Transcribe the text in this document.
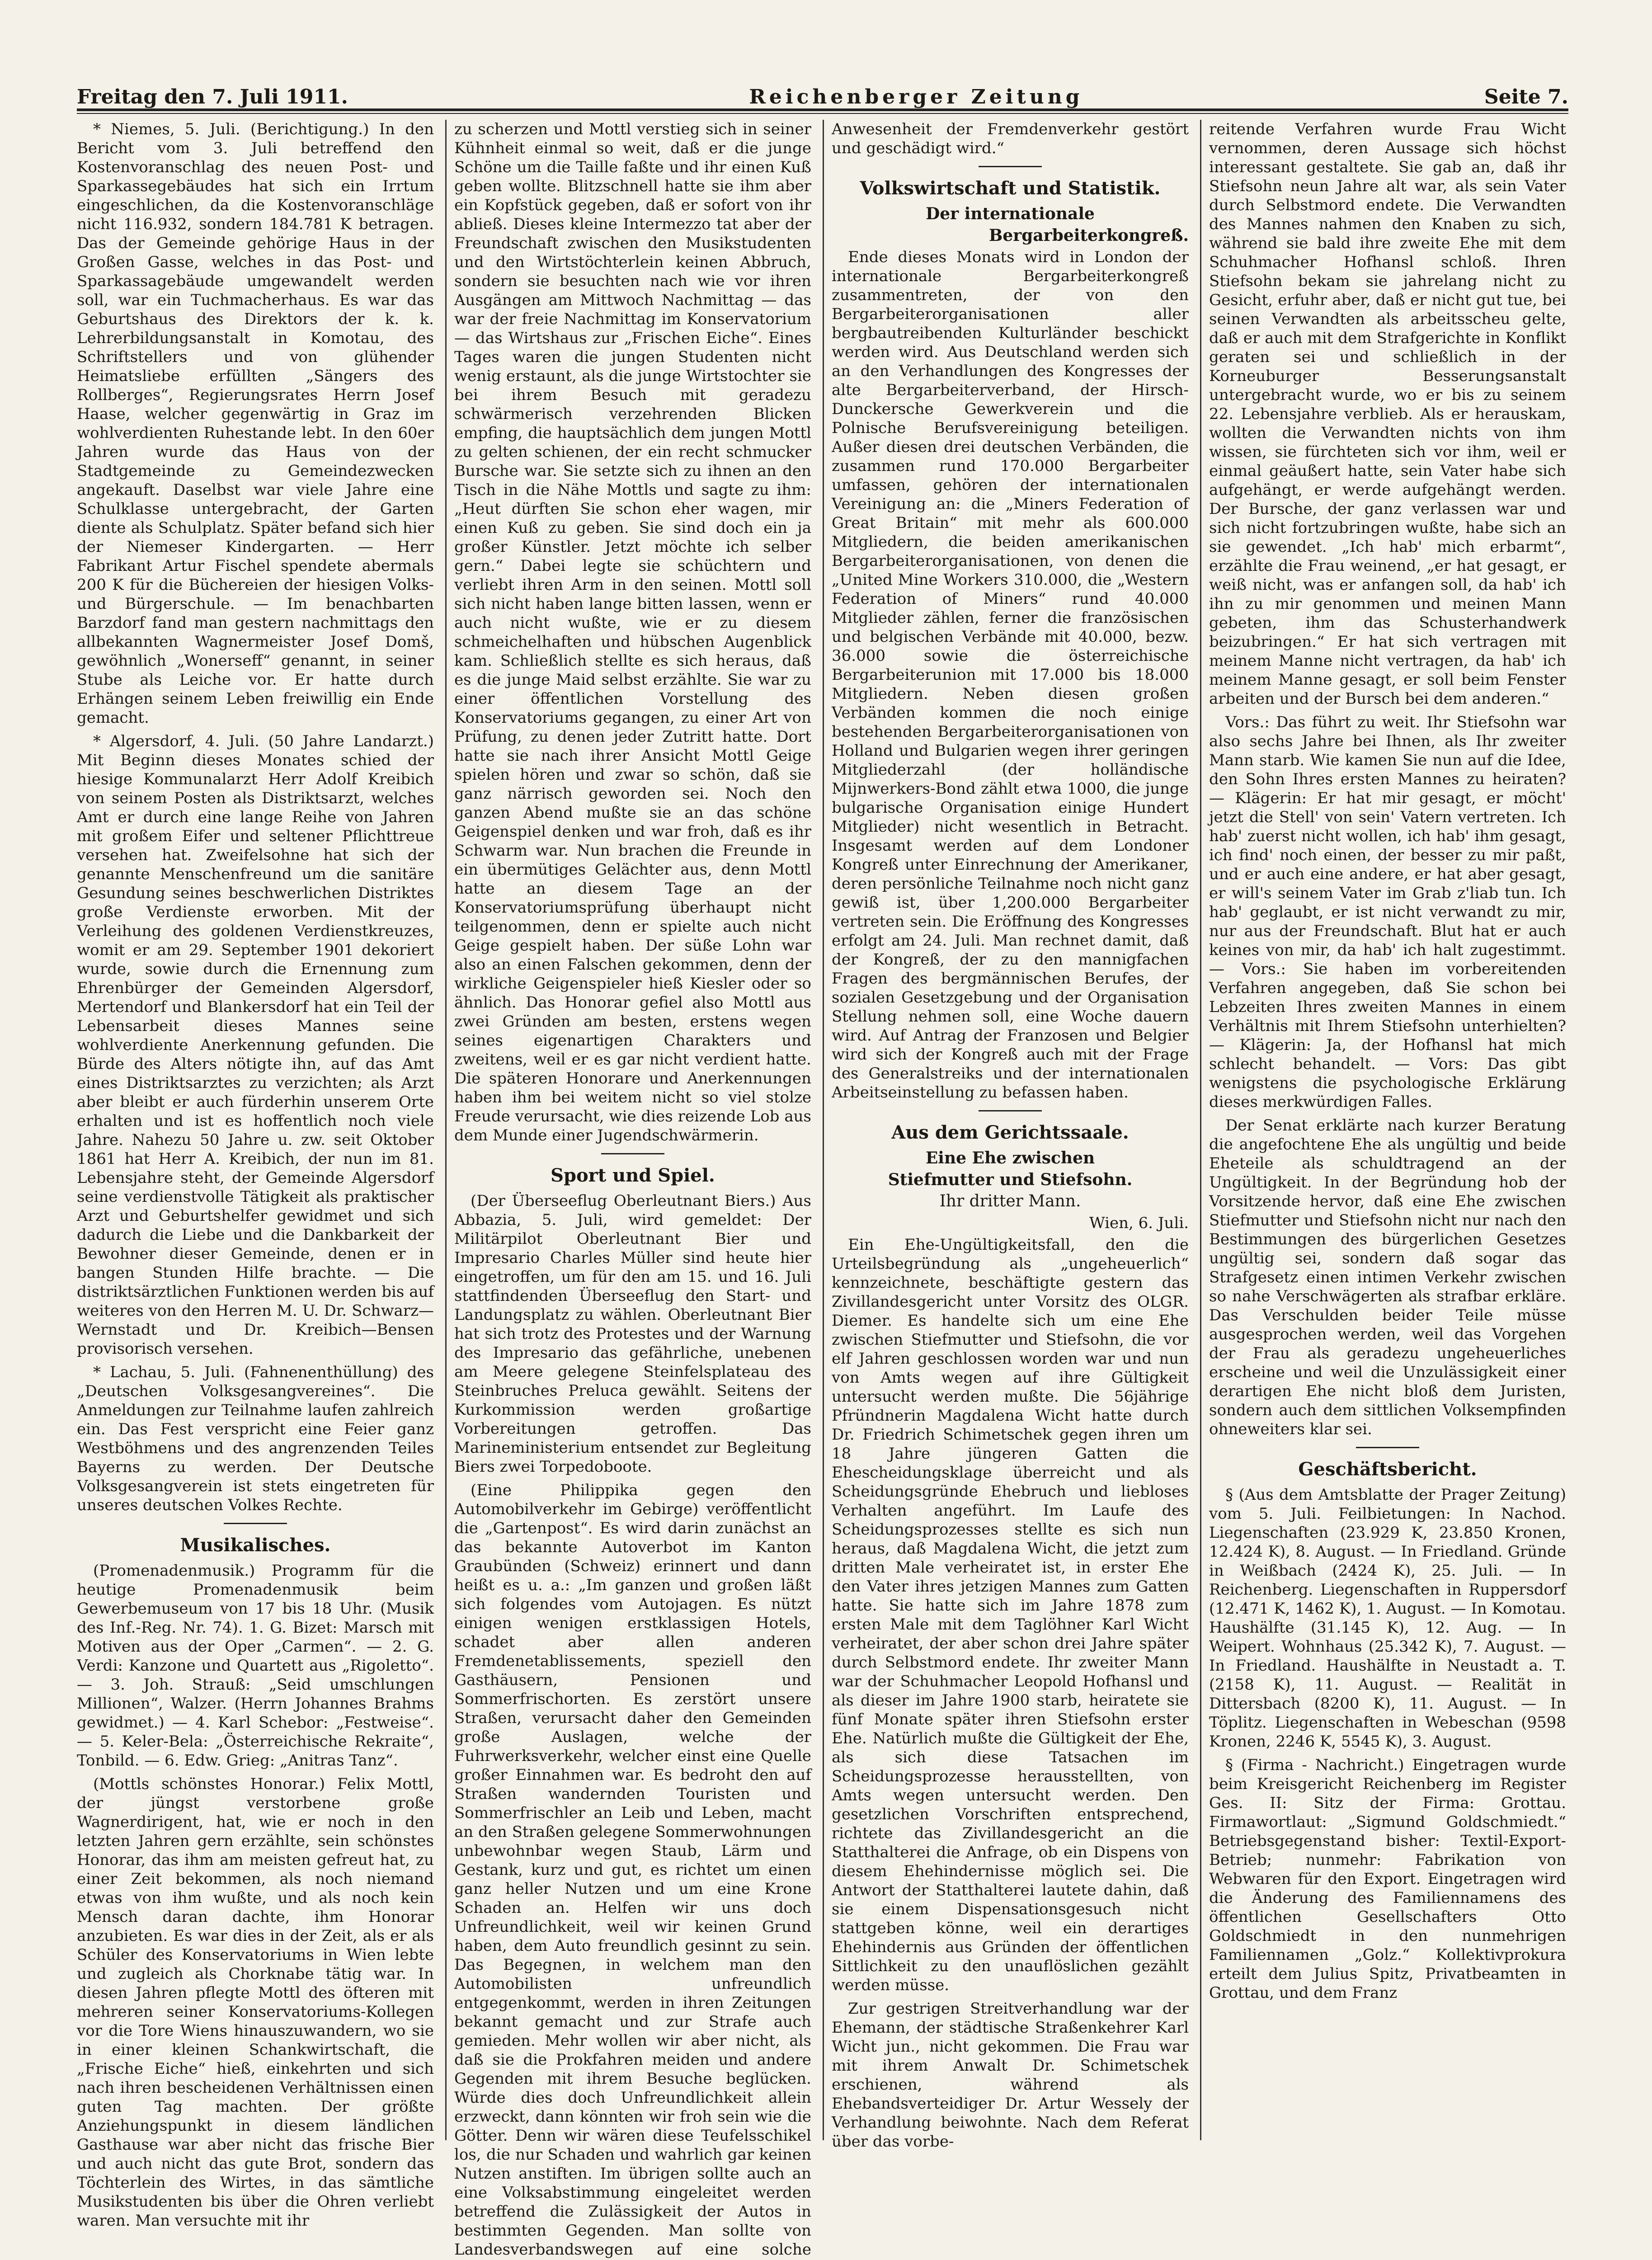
Freitag den 7. Juli 1911.	Reichenberger Zeitung	Seite 7.

* Niemes, 5. Juli. (Berichtigung.) In den Bericht vom 3. Juli betreffend den Kostenvoranschlag des neuen Post- und Sparkassegebäudes hat sich ein Irrtum eingeschlichen, da die Kostenvoranschläge nicht 116.932, sondern 184.781 K betragen. Das der Gemeinde gehörige Haus in der Großen Gasse, welches in das Post- und Sparkassagebäude umgewandelt werden soll, war ein Tuchmacherhaus. Es war das Geburtshaus des Direktors der k. k. Lehrerbildungsanstalt in Komotau, des Schriftstellers und von glühender Heimatsliebe erfüllten „Sängers des Rollberges“, Regierungsrates Herrn Josef Haase, welcher gegenwärtig in Graz im wohlverdienten Ruhestande lebt. In den 60er Jahren wurde das Haus von der Stadtgemeinde zu Gemeindezwecken angekauft. Daselbst war viele Jahre eine Schulklasse untergebracht, der Garten diente als Schulplatz. Später befand sich hier der Niemeser Kindergarten. — Herr Fabrikant Artur Fischel spendete abermals 200 K für die Büchereien der hiesigen Volks- und Bürgerschule. — Im benachbarten Barzdorf fand man gestern nachmittags den allbekannten Wagnermeister Josef Domš, gewöhnlich „Wonerseff“ genannt, in seiner Stube als Leiche vor. Er hatte durch Erhängen seinem Leben freiwillig ein Ende gemacht.

* Algersdorf, 4. Juli. (50 Jahre Landarzt.) Mit Beginn dieses Monates schied der hiesige Kommunalarzt Herr Adolf Kreibich von seinem Posten als Distriktsarzt, welches Amt er durch eine lange Reihe von Jahren mit großem Eifer und seltener Pflichttreue versehen hat. Zweifelsohne hat sich der genannte Menschenfreund um die sanitäre Gesundung seines beschwerlichen Distriktes große Verdienste erworben. Mit der Verleihung des goldenen Verdienstkreuzes, womit er am 29. September 1901 dekoriert wurde, sowie durch die Ernennung zum Ehrenbürger der Gemeinden Algersdorf, Mertendorf und Blankersdorf hat ein Teil der Lebensarbeit dieses Mannes seine wohlverdiente Anerkennung gefunden. Die Bürde des Alters nötigte ihn, auf das Amt eines Distriktsarztes zu verzichten; als Arzt aber bleibt er auch fürderhin unserem Orte erhalten und ist es hoffentlich noch viele Jahre. Nahezu 50 Jahre u. zw. seit Oktober 1861 hat Herr A. Kreibich, der nun im 81. Lebensjahre steht, der Gemeinde Algersdorf seine verdienstvolle Tätigkeit als praktischer Arzt und Geburtshelfer gewidmet und sich dadurch die Liebe und die Dankbarkeit der Bewohner dieser Gemeinde, denen er in bangen Stunden Hilfe brachte. — Die distriktsärztlichen Funktionen werden bis auf weiteres von den Herren M. U. Dr. Schwarz—Wernstadt und Dr. Kreibich—Bensen provisorisch versehen.

* Lachau, 5. Juli. (Fahnenenthüllung) des „Deutschen Volksgesangvereines“. Die Anmeldungen zur Teilnahme laufen zahlreich ein. Das Fest verspricht eine Feier ganz Westböhmens und des angrenzenden Teiles Bayerns zu werden. Der Deutsche Volksgesangverein ist stets eingetreten für unseres deutschen Volkes Rechte.

Musikalisches.

(Promenadenmusik.) Programm für die heutige Promenadenmusik beim Gewerbemuseum von 17 bis 18 Uhr. (Musik des Inf.-Reg. Nr. 74). 1. G. Bizet: Marsch mit Motiven aus der Oper „Carmen“. — 2. G. Verdi: Kanzone und Quartett aus „Rigoletto“. — 3. Joh. Strauß: „Seid umschlungen Millionen“, Walzer. (Herrn Johannes Brahms gewidmet.) — 4. Karl Schebor: „Festweise“. — 5. Keler-Bela: „Österreichische Rekraite“, Tonbild. — 6. Edw. Grieg: „Anitras Tanz“.

(Mottls schönstes Honorar.) Felix Mottl, der jüngst verstorbene große Wagnerdirigent, hat, wie er noch in den letzten Jahren gern erzählte, sein schönstes Honorar, das ihm am meisten gefreut hat, zu einer Zeit bekommen, als noch niemand etwas von ihm wußte, und als noch kein Mensch daran dachte, ihm Honorar anzubieten. Es war dies in der Zeit, als er als Schüler des Konservatoriums in Wien lebte und zugleich als Chorknabe tätig war. In diesen Jahren pflegte Mottl des öfteren mit mehreren seiner Konservatoriums-Kollegen vor die Tore Wiens hinauszuwandern, wo sie in einer kleinen Schankwirtschaft, die „Frische Eiche“ hieß, einkehrten und sich nach ihren bescheidenen Verhältnissen einen guten Tag machten. Der größte Anziehungspunkt in diesem ländlichen Gasthause war aber nicht das frische Bier und auch nicht das gute Brot, sondern das Töchterlein des Wirtes, in das sämtliche Musikstudenten bis über die Ohren verliebt waren. Man versuchte mit ihr

zu scherzen und Mottl verstieg sich in seiner Kühnheit einmal so weit, daß er die junge Schöne um die Taille faßte und ihr einen Kuß geben wollte. Blitzschnell hatte sie ihm aber ein Kopfstück gegeben, daß er sofort von ihr abließ. Dieses kleine Intermezzo tat aber der Freundschaft zwischen den Musikstudenten und den Wirtstöchterlein keinen Abbruch, sondern sie besuchten nach wie vor ihren Ausgängen am Mittwoch Nachmittag — das war der freie Nachmittag im Konservatorium — das Wirtshaus zur „Frischen Eiche“. Eines Tages waren die jungen Studenten nicht wenig erstaunt, als die junge Wirtstochter sie bei ihrem Besuch mit geradezu schwärmerisch verzehrenden Blicken empfing, die hauptsächlich dem jungen Mottl zu gelten schienen, der ein recht schmucker Bursche war. Sie setzte sich zu ihnen an den Tisch in die Nähe Mottls und sagte zu ihm: „Heut dürften Sie schon eher wagen, mir einen Kuß zu geben. Sie sind doch ein ja großer Künstler. Jetzt möchte ich selber gern.“ Dabei legte sie schüchtern und verliebt ihren Arm in den seinen. Mottl soll sich nicht haben lange bitten lassen, wenn er auch nicht wußte, wie er zu diesem schmeichelhaften und hübschen Augenblick kam. Schließlich stellte es sich heraus, daß es die junge Maid selbst erzählte. Sie war zu einer öffentlichen Vorstellung des Konservatoriums gegangen, zu einer Art von Prüfung, zu denen jeder Zutritt hatte. Dort hatte sie nach ihrer Ansicht Mottl Geige spielen hören und zwar so schön, daß sie ganz närrisch geworden sei. Noch den ganzen Abend mußte sie an das schöne Geigenspiel denken und war froh, daß es ihr Schwarm war. Nun brachen die Freunde in ein übermütiges Gelächter aus, denn Mottl hatte an diesem Tage an der Konservatoriumsprüfung überhaupt nicht teilgenommen, denn er spielte auch nicht Geige gespielt haben. Der süße Lohn war also an einen Falschen gekommen, denn der wirkliche Geigenspieler hieß Kiesler oder so ähnlich. Das Honorar gefiel also Mottl aus zwei Gründen am besten, erstens wegen seines eigenartigen Charakters und zweitens, weil er es gar nicht verdient hatte. Die späteren Honorare und Anerkennungen haben ihm bei weitem nicht so viel stolze Freude verursacht, wie dies reizende Lob aus dem Munde einer Jugendschwärmerin.

Sport und Spiel.

(Der Überseeflug Oberleutnant Biers.) Aus Abbazia, 5. Juli, wird gemeldet: Der Militärpilot Oberleutnant Bier und Impresario Charles Müller sind heute hier eingetroffen, um für den am 15. und 16. Juli stattfindenden Überseeflug den Start- und Landungsplatz zu wählen. Oberleutnant Bier hat sich trotz des Protestes und der Warnung des Impresario das gefährliche, unebenen am Meere gelegene Steinfelsplateau des Steinbruches Preluca gewählt. Seitens der Kurkommission werden großartige Vorbereitungen getroffen. Das Marineministerium entsendet zur Begleitung Biers zwei Torpedoboote.

(Eine Philippika gegen den Automobilverkehr im Gebirge) veröffentlicht die „Gartenpost“. Es wird darin zunächst an das bekannte Autoverbot im Kanton Graubünden (Schweiz) erinnert und dann heißt es u. a.: „Im ganzen und großen läßt sich folgendes vom Autojagen. Es nützt einigen wenigen erstklassigen Hotels, schadet aber allen anderen Fremdenetablissements, speziell den Gasthäusern, Pensionen und Sommerfrischorten. Es zerstört unsere Straßen, verursacht daher den Gemeinden große Auslagen, welche der Fuhrwerksverkehr, welcher einst eine Quelle großer Einnahmen war. Es bedroht den auf Straßen wandernden Touristen und Sommerfrischler an Leib und Leben, macht an den Straßen gelegene Sommerwohnungen unbewohnbar wegen Staub, Lärm und Gestank, kurz und gut, es richtet um einen ganz heller Nutzen und um eine Krone Schaden an. Helfen wir uns doch Unfreundlichkeit, weil wir keinen Grund haben, dem Auto freundlich gesinnt zu sein. Das Begegnen, in welchem man den Automobilisten unfreundlich entgegenkommt, werden in ihren Zeitungen bekannt gemacht und zur Strafe auch gemieden. Mehr wollen wir aber nicht, als daß sie die Prokfahren meiden und andere Gegenden mit ihrem Besuche beglücken. Würde dies doch Unfreundlichkeit allein erzweckt, dann könnten wir froh sein wie die Götter. Denn wir wären diese Teufelsschikel los, die nur Schaden und wahrlich gar keinen Nutzen anstiften. Im übrigen sollte auch an eine Volksabstimmung eingeleitet werden betreffend die Zulässigkeit der Autos in bestimmten Gegenden. Man sollte von Landesverbandswegen auf eine solche

Anwesenheit der Fremdenverkehr gestört und geschädigt wird.“

Volkswirtschaft und Statistik.
Der internationale
Bergarbeiterkongreß.

Ende dieses Monats wird in London der internationale Bergarbeiterkongreß zusammentreten, der von den Bergarbeiterorganisationen aller bergbautreibenden Kulturländer beschickt werden wird. Aus Deutschland werden sich an den Verhandlungen des Kongresses der alte Bergarbeiterverband, der Hirsch-Dunckersche Gewerkverein und die Polnische Berufsvereinigung beteiligen. Außer diesen drei deutschen Verbänden, die zusammen rund 170.000 Bergarbeiter umfassen, gehören der internationalen Vereinigung an: die „Miners Federation of Great Britain“ mit mehr als 600.000 Mitgliedern, die beiden amerikanischen Bergarbeiterorganisationen, von denen die „United Mine Workers 310.000, die „Western Federation of Miners“ rund 40.000 Mitglieder zählen, ferner die französischen und belgischen Verbände mit 40.000, bezw. 36.000 sowie die österreichische Bergarbeiterunion mit 17.000 bis 18.000 Mitgliedern. Neben diesen großen Verbänden kommen die noch einige bestehenden Bergarbeiterorganisationen von Holland und Bulgarien wegen ihrer geringen Mitgliederzahl (der holländische Mijnwerkers-Bond zählt etwa 1000, die junge bulgarische Organisation einige Hundert Mitglieder) nicht wesentlich in Betracht. Insgesamt werden auf dem Londoner Kongreß unter Einrechnung der Amerikaner, deren persönliche Teilnahme noch nicht ganz gewiß ist, über 1,200.000 Bergarbeiter vertreten sein. Die Eröffnung des Kongresses erfolgt am 24. Juli. Man rechnet damit, daß der Kongreß, der zu den mannigfachen Fragen des bergmännischen Berufes, der sozialen Gesetzgebung und der Organisation Stellung nehmen soll, eine Woche dauern wird. Auf Antrag der Franzosen und Belgier wird sich der Kongreß auch mit der Frage des Generalstreiks und der internationalen Arbeitseinstellung zu befassen haben.

Aus dem Gerichtssaale.
Eine Ehe zwischen
Stiefmutter und Stiefsohn.
Ihr dritter Mann.
Wien, 6. Juli.

Ein Ehe-Ungültigkeitsfall, den die Urteilsbegründung als „ungeheuerlich“ kennzeichnete, beschäftigte gestern das Zivillandesgericht unter Vorsitz des OLGR. Diemer. Es handelte sich um eine Ehe zwischen Stiefmutter und Stiefsohn, die vor elf Jahren geschlossen worden war und nun von Amts wegen auf ihre Gültigkeit untersucht werden mußte. Die 56jährige Pfründnerin Magdalena Wicht hatte durch Dr. Friedrich Schimetschek gegen ihren um 18 Jahre jüngeren Gatten die Ehescheidungsklage überreicht und als Scheidungsgründe Ehebruch und liebloses Verhalten angeführt. Im Laufe des Scheidungsprozesses stellte es sich nun heraus, daß Magdalena Wicht, die jetzt zum dritten Male verheiratet ist, in erster Ehe den Vater ihres jetzigen Mannes zum Gatten hatte. Sie hatte sich im Jahre 1878 zum ersten Male mit dem Taglöhner Karl Wicht verheiratet, der aber schon drei Jahre später durch Selbstmord endete. Ihr zweiter Mann war der Schuhmacher Leopold Hofhansl und als dieser im Jahre 1900 starb, heiratete sie fünf Monate später ihren Stiefsohn erster Ehe. Natürlich mußte die Gültigkeit der Ehe, als sich diese Tatsachen im Scheidungsprozesse herausstellten, von Amts wegen untersucht werden. Den gesetzlichen Vorschriften entsprechend, richtete das Zivillandesgericht an die Statthalterei die Anfrage, ob ein Dispens von diesem Ehehindernisse möglich sei. Die Antwort der Statthalterei lautete dahin, daß sie einem Dispensationsgesuch nicht stattgeben könne, weil ein derartiges Ehehindernis aus Gründen der öffentlichen Sittlichkeit zu den unauflöslichen gezählt werden müsse.

Zur gestrigen Streitverhandlung war der Ehemann, der städtische Straßenkehrer Karl Wicht jun., nicht gekommen. Die Frau war mit ihrem Anwalt Dr. Schimetschek erschienen, während als Ehebandsverteidiger Dr. Artur Wessely der Verhandlung beiwohnte. Nach dem Referat über das vorbe-

reitende Verfahren wurde Frau Wicht vernommen, deren Aussage sich höchst interessant gestaltete. Sie gab an, daß ihr Stiefsohn neun Jahre alt war, als sein Vater durch Selbstmord endete. Die Verwandten des Mannes nahmen den Knaben zu sich, während sie bald ihre zweite Ehe mit dem Schuhmacher Hofhansl schloß. Ihren Stiefsohn bekam sie jahrelang nicht zu Gesicht, erfuhr aber, daß er nicht gut tue, bei seinen Verwandten als arbeitsscheu gelte, daß er auch mit dem Strafgerichte in Konflikt geraten sei und schließlich in der Korneuburger Besserungsanstalt untergebracht wurde, wo er bis zu seinem 22. Lebensjahre verblieb. Als er herauskam, wollten die Verwandten nichts von ihm wissen, sie fürchteten sich vor ihm, weil er einmal geäußert hatte, sein Vater habe sich aufgehängt, er werde aufgehängt werden. Der Bursche, der ganz verlassen war und sich nicht fortzubringen wußte, habe sich an sie gewendet. „Ich hab' mich erbarmt“, erzählte die Frau weinend, „er hat gesagt, er weiß nicht, was er anfangen soll, da hab' ich ihn zu mir genommen und meinen Mann gebeten, ihm das Schusterhandwerk beizubringen.“ Er hat sich vertragen mit meinem Manne nicht vertragen, da hab' ich meinem Manne gesagt, er soll beim Fenster arbeiten und der Bursch bei dem anderen.“

Vors.: Das führt zu weit. Ihr Stiefsohn war also sechs Jahre bei Ihnen, als Ihr zweiter Mann starb. Wie kamen Sie nun auf die Idee, den Sohn Ihres ersten Mannes zu heiraten? — Klägerin: Er hat mir gesagt, er möcht' jetzt die Stell' von sein' Vatern vertreten. Ich hab' zuerst nicht wollen, ich hab' ihm gesagt, ich find' noch einen, der besser zu mir paßt, und er auch eine andere, er hat aber gesagt, er will's seinem Vater im Grab z'liab tun. Ich hab' geglaubt, er ist nicht verwandt zu mir, nur aus der Freundschaft. Blut hat er auch keines von mir, da hab' ich halt zugestimmt. — Vors.: Sie haben im vorbereitenden Verfahren angegeben, daß Sie schon bei Lebzeiten Ihres zweiten Mannes in einem Verhältnis mit Ihrem Stiefsohn unterhielten? — Klägerin: Ja, der Hofhansl hat mich schlecht behandelt. — Vors: Das gibt wenigstens die psychologische Erklärung dieses merkwürdigen Falles.

Der Senat erklärte nach kurzer Beratung die angefochtene Ehe als ungültig und beide Eheteile als schuldtragend an der Ungültigkeit. In der Begründung hob der Vorsitzende hervor, daß eine Ehe zwischen Stiefmutter und Stiefsohn nicht nur nach den Bestimmungen des bürgerlichen Gesetzes ungültig sei, sondern daß sogar das Strafgesetz einen intimen Verkehr zwischen so nahe Verschwägerten als strafbar erkläre. Das Verschulden beider Teile müsse ausgesprochen werden, weil das Vorgehen der Frau als geradezu ungeheuerliches erscheine und weil die Unzulässigkeit einer derartigen Ehe nicht bloß dem Juristen, sondern auch dem sittlichen Volksempfinden ohneweiters klar sei.

Geschäftsbericht.

§ (Aus dem Amtsblatte der Prager Zeitung) vom 5. Juli. Feilbietungen: In Nachod. Liegenschaften (23.929 K, 23.850 Kronen, 12.424 K), 8. August. — In Friedland. Gründe in Weißbach (2424 K), 25. Juli. — In Reichenberg. Liegenschaften in Ruppersdorf (12.471 K, 1462 K), 1. August. — In Komotau. Haushälfte (31.145 K), 12. Aug. — In Weipert. Wohnhaus (25.342 K), 7. August. — In Friedland. Haushälfte in Neustadt a. T. (2158 K), 11. August. — Realität in Dittersbach (8200 K), 11. August. — In Töplitz. Liegenschaften in Webeschan (9598 Kronen, 2246 K, 5545 K), 3. August.

§ (Firma - Nachricht.) Eingetragen wurde beim Kreisgericht Reichenberg im Register Ges. II: Sitz der Firma: Grottau. Firmawortlaut: „Sigmund Goldschmiedt.“ Betriebsgegenstand bisher: Textil-Export-Betrieb; nunmehr: Fabrikation von Webwaren für den Export. Eingetragen wird die Änderung des Familiennamens des öffentlichen Gesellschafters Otto Goldschmiedt in den nunmehrigen Familiennamen „Golz.“ Kollektivprokura erteilt dem Julius Spitz, Privatbeamten in Grottau, und dem Franz
